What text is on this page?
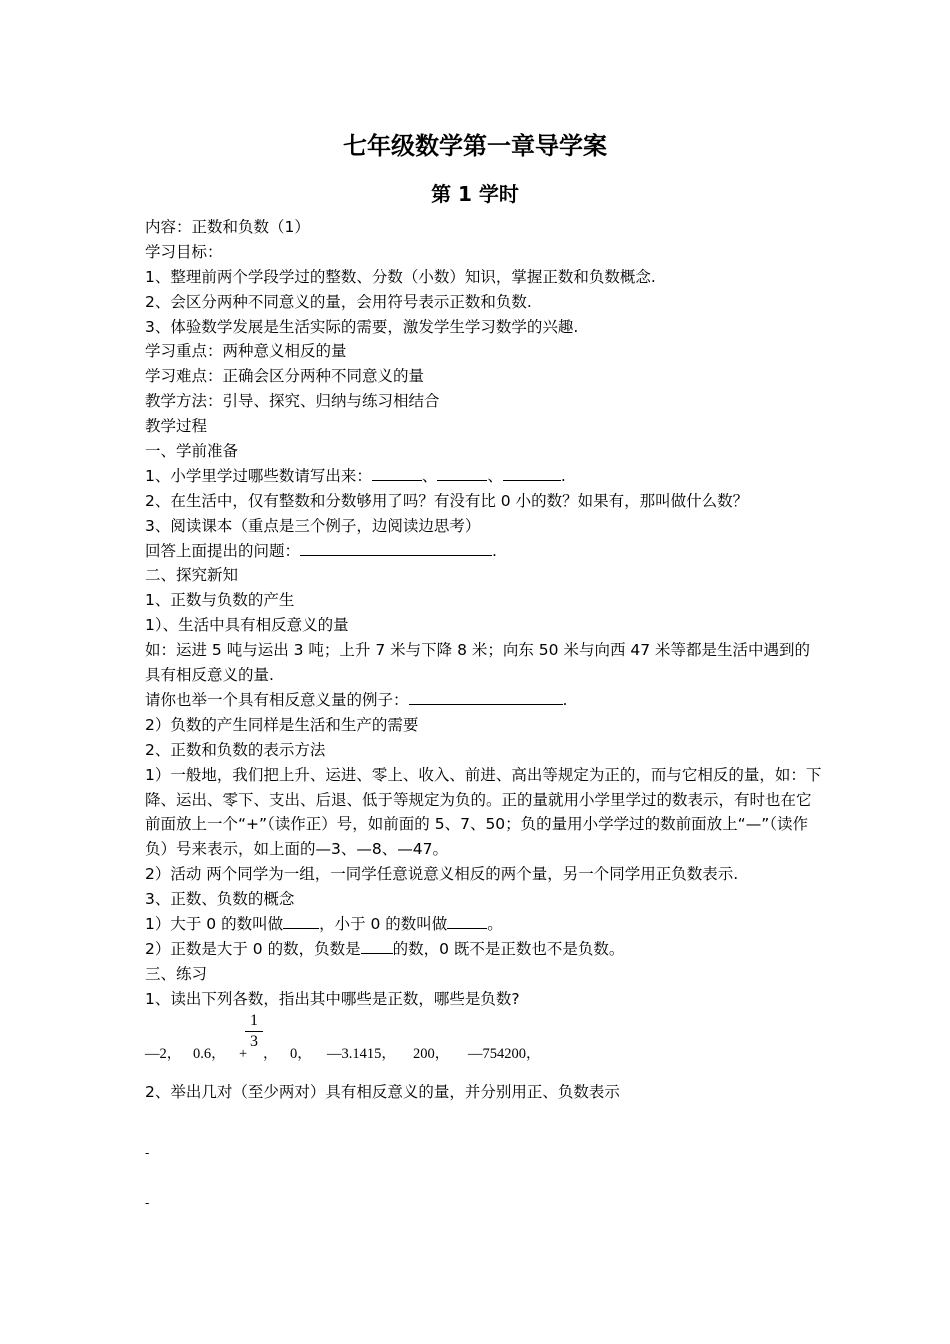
七年级数学第一章导学案
第 1 学时
内容：正数和负数（1）
学习目标：
1、整理前两个学段学过的整数、分数（小数）知识，掌握正数和负数概念.
2、会区分两种不同意义的量，会用符号表示正数和负数.
3、体验数学发展是生活实际的需要，激发学生学习数学的兴趣.
学习重点：两种意义相反的量
学习难点：正确会区分两种不同意义的量
教学方法：引导、探究、归纳与练习相结合
教学过程
一、学前准备
1、小学里学过哪些数请写出来：	、	、	.
2、在生活中，仅有整数和分数够用了吗？有没有比 0 小的数？如果有，那叫做什么数？
3、阅读课本（重点是三个例子，边阅读边思考）
回答上面提出的问题：	.
二、探究新知
1、正数与负数的产生
1）、生活中具有相反意义的量
如：运进 5 吨与运出 3 吨；上升 7 米与下降 8 米；向东 50 米与向西 47 米等都是生活中遇到的具有相反意义的量.
请你也举一个具有相反意义量的例子：	.
2）负数的产生同样是生活和生产的需要
2、正数和负数的表示方法
1）一般地，我们把上升、运进、零上、收入、前进、高出等规定为正的，而与它相反的量，如：下降、运出、零下、支出、后退、低于等规定为负的。正的量就用小学里学过的数表示，有时也在它前面放上一个“+”（读作正）号，如前面的 5、7、50；负的量用小学学过的数前面放上“—”（读作负）号来表示，如上面的—3、—8、—47。
2）活动 两个同学为一组，一同学任意说意义相反的两个量，另一个同学用正负数表示.
3、正数、负数的概念
1）大于 0 的数叫做 ，小于 0 的数叫做	。
2）正数是大于 0 的数，负数是 的数，0 既不是正数也不是负数。
三、练习
1、读出下列各数，指出其中哪些是正数，哪些是负数?
—2， 0.6， +
1
3
， 0， —3.1415， 200， —754200，
2、举出几对（至少两对）具有相反意义的量，并分别用正、负数表示
-
-
